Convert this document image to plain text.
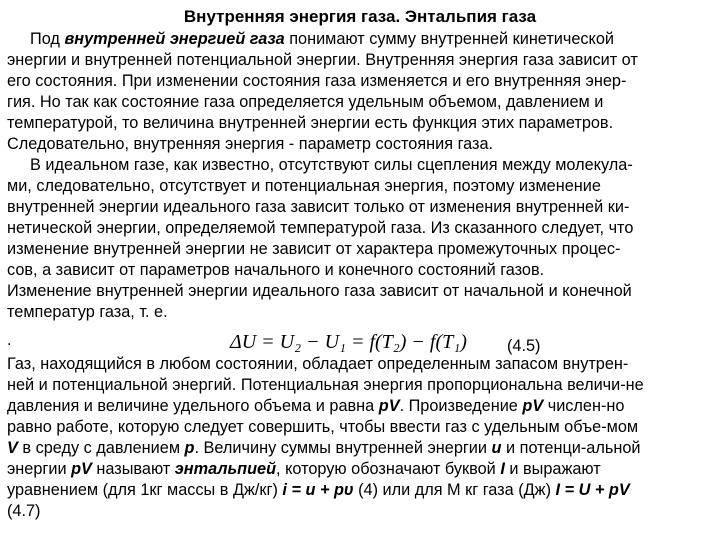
Внутренняя энергия газа. Энтальпия газа
Под внутренней энергией газа понимают сумму внутренней кинетической
энергии и внутренней потенциальной энергии. Внутренняя энергия газа зависит от
его состояния. При изменении состояния газа изменяется и его внутренняя энер-
гия. Но так как состояние газа определяется удельным объемом, давлением и
температурой, то величина внутренней энергии есть функция этих параметров.
Следовательно, внутренняя энергия - параметр состояния газа.
В идеальном газе, как известно, отсутствуют силы сцепления между молекула-
ми, следовательно, отсутствует и потенциальная энергия, поэтому изменение
внутренней энергии идеального газа зависит только от изменения внутренней ки-
нетической энергии, определяемой температурой газа. Из сказанного следует, что
изменение внутренней энергии не зависит от характера промежуточных процес-
сов, а зависит от параметров начального и конечного состояний газов.
Изменение внутренней энергии идеального газа зависит от начальной и конечной
температур газа, т. е.
.	ΔU = U₂ − U₁ = f(T₂) − f(T₁) (4.5)
Газ, находящийся в любом состоянии, обладает определенным запасом внутрен-
ней и потенциальной энергий. Потенциальная энергия пропорциональна величи-не
давления и величине удельного объема и равна pV. Произведение pV числен-но
равно работе, которую следует совершить, чтобы ввести газ с удельным объе-мом
V в среду с давлением p. Величину суммы внутренней энергии u и потенци-альной
энергии pV называют энтальпией, которую обозначают буквой I и выражают
уравнением (для 1кг массы в Дж/кг) i = u + pυ (4) или для М кг газа (Дж) I = U + pV
(4.7)
